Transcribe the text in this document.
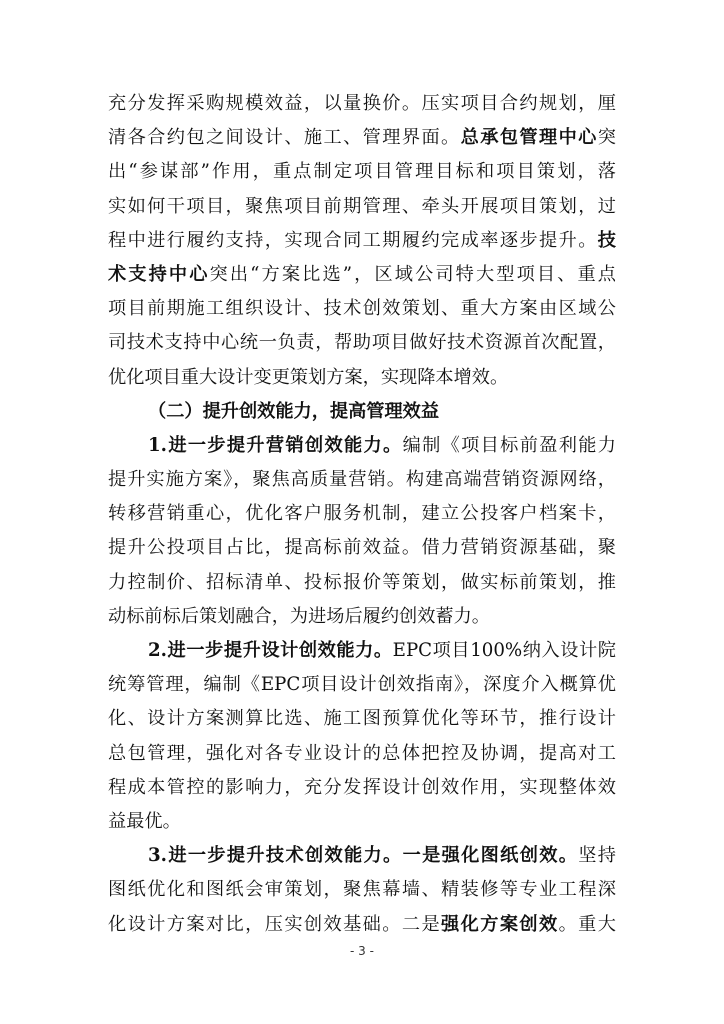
充分发挥采购规模效益，以量换价。压实项目合约规划，厘
清各合约包之间设计、施工、管理界面。总承包管理中心突
出“参谋部”作用，重点制定项目管理目标和项目策划，落
实如何干项目，聚焦项目前期管理、牵头开展项目策划，过
程中进行履约支持，实现合同工期履约完成率逐步提升。技
术支持中心突出“方案比选”，区域公司特大型项目、重点
项目前期施工组织设计、技术创效策划、重大方案由区域公
司技术支持中心统一负责，帮助项目做好技术资源首次配置，
优化项目重大设计变更策划方案，实现降本增效。
（二）提升创效能力，提高管理效益
1.进一步提升营销创效能力。编制《项目标前盈利能力
提升实施方案》，聚焦高质量营销。构建高端营销资源网络，
转移营销重心，优化客户服务机制，建立公投客户档案卡，
提升公投项目占比，提高标前效益。借力营销资源基础，聚
力控制价、招标清单、投标报价等策划，做实标前策划，推
动标前标后策划融合，为进场后履约创效蓄力。
2.进一步提升设计创效能力。EPC项目100%纳入设计院
统筹管理，编制《EPC项目设计创效指南》，深度介入概算优
化、设计方案测算比选、施工图预算优化等环节，推行设计
总包管理，强化对各专业设计的总体把控及协调，提高对工
程成本管控的影响力，充分发挥设计创效作用，实现整体效
益最优。
3.进一步提升技术创效能力。一是强化图纸创效。坚持
图纸优化和图纸会审策划，聚焦幕墙、精装修等专业工程深
化设计方案对比，压实创效基础。二是强化方案创效。重大
- 3 -
